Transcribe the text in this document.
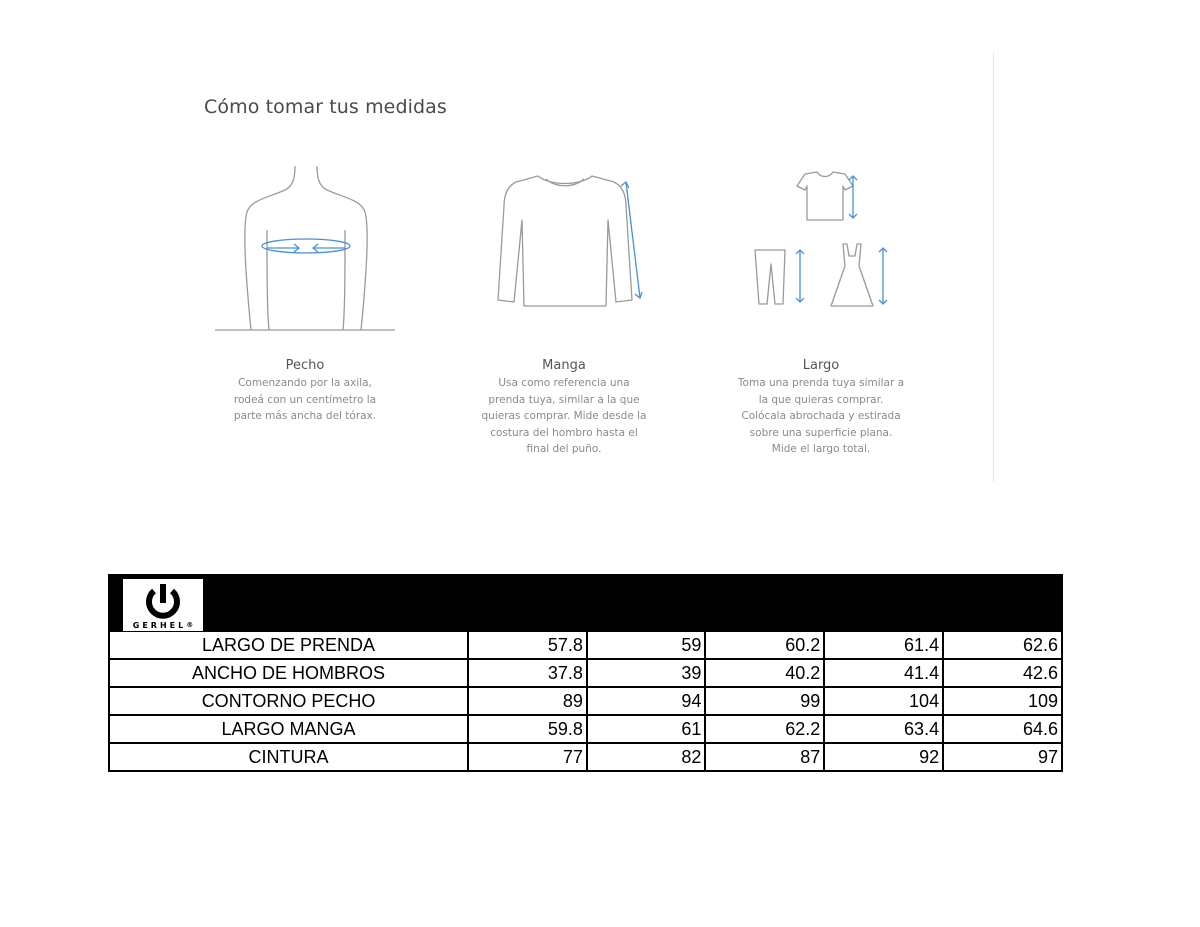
Cómo tomar tus medidas
Pecho
Comenzando por la axila,
rodeá con un centímetro la
parte más ancha del tórax.
Manga
Usa como referencia una
prenda tuya, similar a la que
quieras comprar. Mide desde la
costura del hombro hasta el
final del puño.
Largo
Toma una prenda tuya similar a
la que quieras comprar.
Colócala abrochada y estirada
sobre una superficie plana.
Mide el largo total.
GERHEL®
MODELO 50	MEDIDAS EN CM				
	S	M	L	XL	XXL
LARGO DE PRENDA	57.8	59	60.2	61.4	62.6
ANCHO DE HOMBROS	37.8	39	40.2	41.4	42.6
CONTORNO PECHO	89	94	99	104	109
LARGO MANGA	59.8	61	62.2	63.4	64.6
CINTURA	77	82	87	92	97
